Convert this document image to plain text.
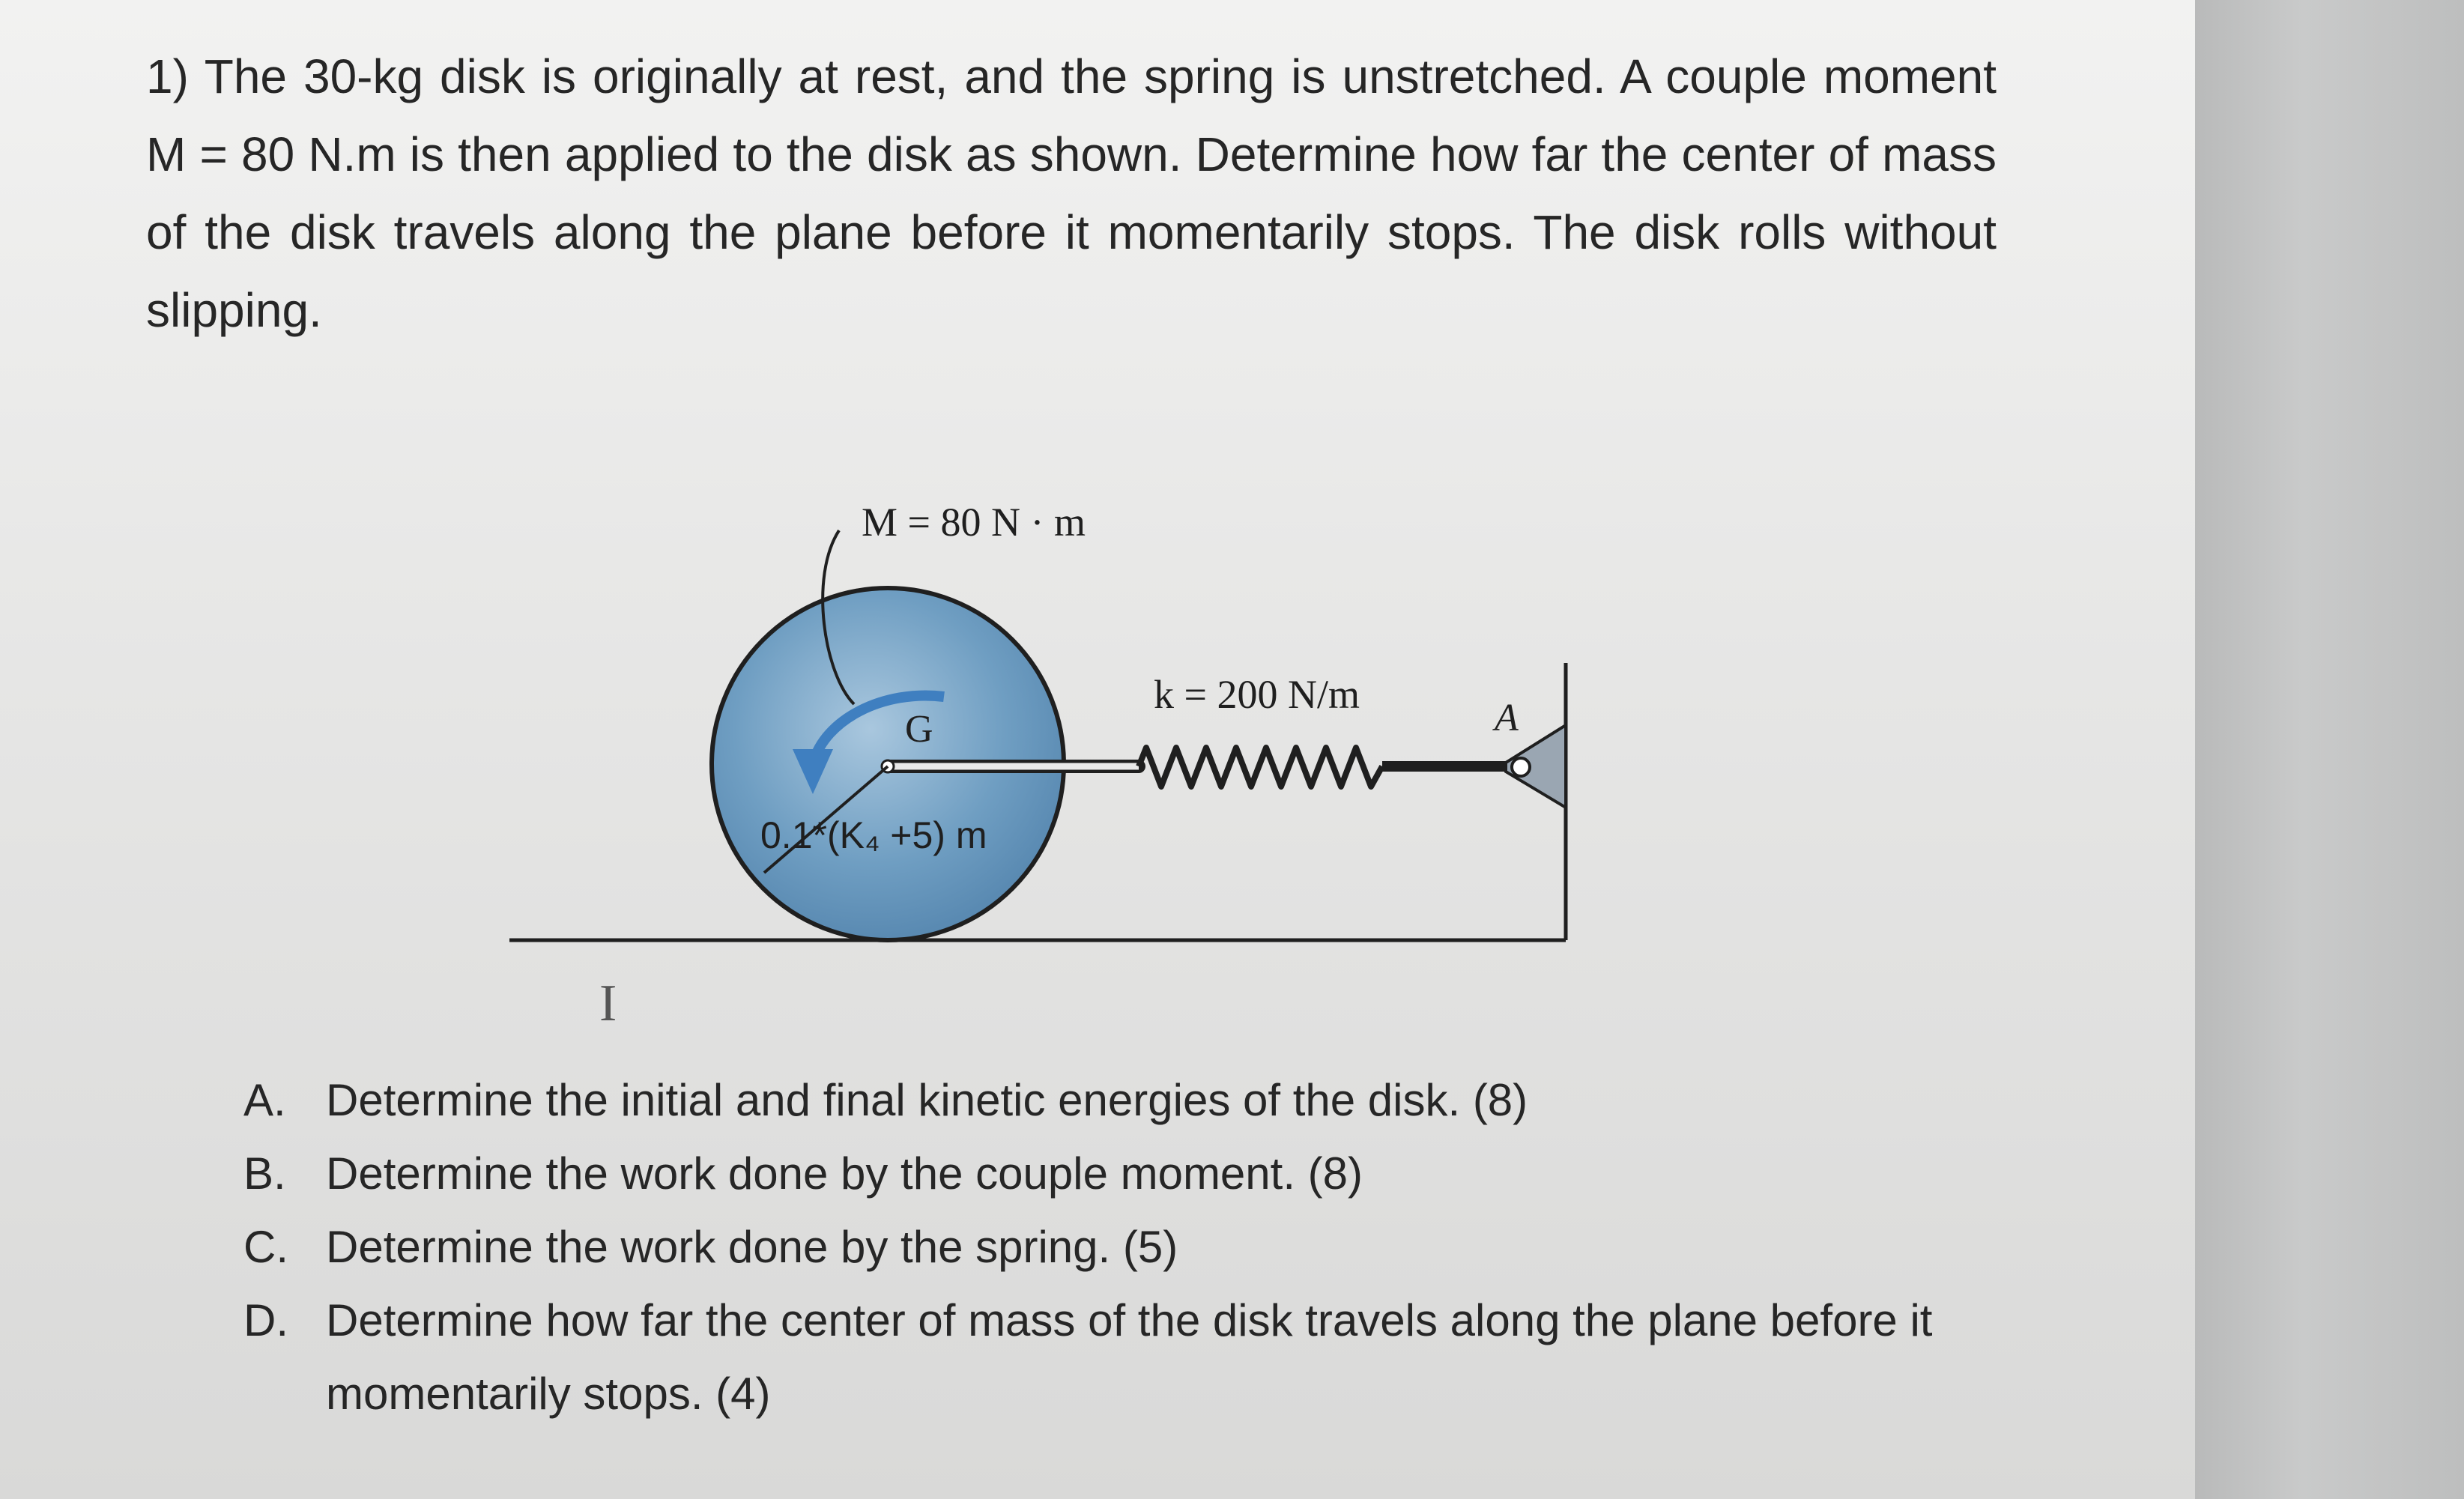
1) The 30-kg disk is originally at rest, and the spring is unstretched. A couple moment M = 80 N.m is then applied to the disk as shown. Determine how far the center of mass of the disk travels along the plane before it momentarily stops. The disk rolls without slipping.

M = 80 N · m
k = 200 N/m
G	A
0.1*(K₄ +5) m
I
A. Determine the initial and final kinetic energies of the disk. (8)
B. Determine the work done by the couple moment. (8)
C. Determine the work done by the spring. (5)
D. Determine how far the center of mass of the disk travels along the plane before it momentarily stops. (4)
